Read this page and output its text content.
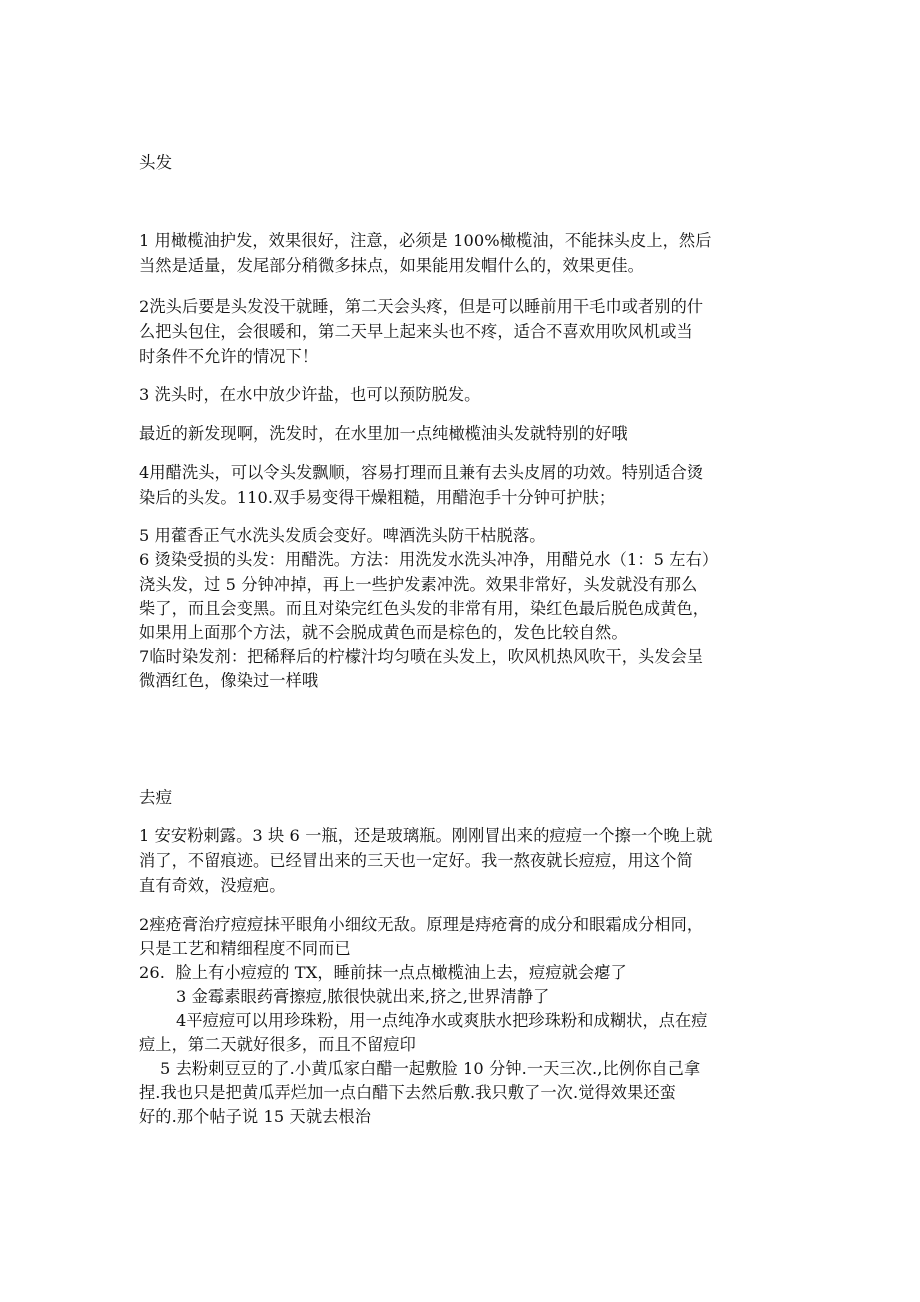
头发
1 用橄榄油护发，效果很好，注意，必须是 100%橄榄油，不能抹头皮上，然后
当然是适量，发尾部分稍微多抹点，如果能用发帽什么的，效果更佳。
2洗头后要是头发没干就睡，第二天会头疼，但是可以睡前用干毛巾或者别的什
么把头包住，会很暖和，第二天早上起来头也不疼，适合不喜欢用吹风机或当
时条件不允许的情况下！
3 洗头时，在水中放少许盐，也可以预防脱发。
最近的新发现啊，洗发时，在水里加一点纯橄榄油头发就特别的好哦
4用醋洗头，可以令头发飘顺，容易打理而且兼有去头皮屑的功效。特别适合烫
染后的头发。110.双手易变得干燥粗糙，用醋泡手十分钟可护肤；
5 用藿香正气水洗头发质会变好。啤酒洗头防干枯脱落。
6 烫染受损的头发：用醋洗。方法：用洗发水洗头冲净，用醋兑水（1：5 左右）
浇头发，过 5 分钟冲掉，再上一些护发素冲洗。效果非常好，头发就没有那么
柴了，而且会变黑。而且对染完红色头发的非常有用，染红色最后脱色成黄色，
如果用上面那个方法，就不会脱成黄色而是棕色的，发色比较自然。
7临时染发剂：把稀释后的柠檬汁均匀喷在头发上，吹风机热风吹干，头发会呈
微酒红色，像染过一样哦
去痘
1 安安粉刺露。3 块 6 一瓶，还是玻璃瓶。刚刚冒出来的痘痘一个擦一个晚上就
消了，不留痕迹。已经冒出来的三天也一定好。我一熬夜就长痘痘，用这个简
直有奇效，没痘疤。
2痤疮膏治疗痘痘抹平眼角小细纹无敌。原理是痔疮膏的成分和眼霜成分相同，
只是工艺和精细程度不同而已
26.  脸上有小痘痘的 TX，睡前抹一点点橄榄油上去，痘痘就会瘪了
3 金霉素眼药膏擦痘,脓很快就出来,挤之,世界清静了
4平痘痘可以用珍珠粉，用一点纯净水或爽肤水把珍珠粉和成糊状，点在痘
痘上，第二天就好很多，而且不留痘印
5 去粉刺豆豆的了.小黄瓜家白醋一起敷脸 10 分钟.一天三次.,比例你自己拿
捏.我也只是把黄瓜弄烂加一点白醋下去然后敷.我只敷了一次.觉得效果还蛮
好的.那个帖子说 15 天就去根治
